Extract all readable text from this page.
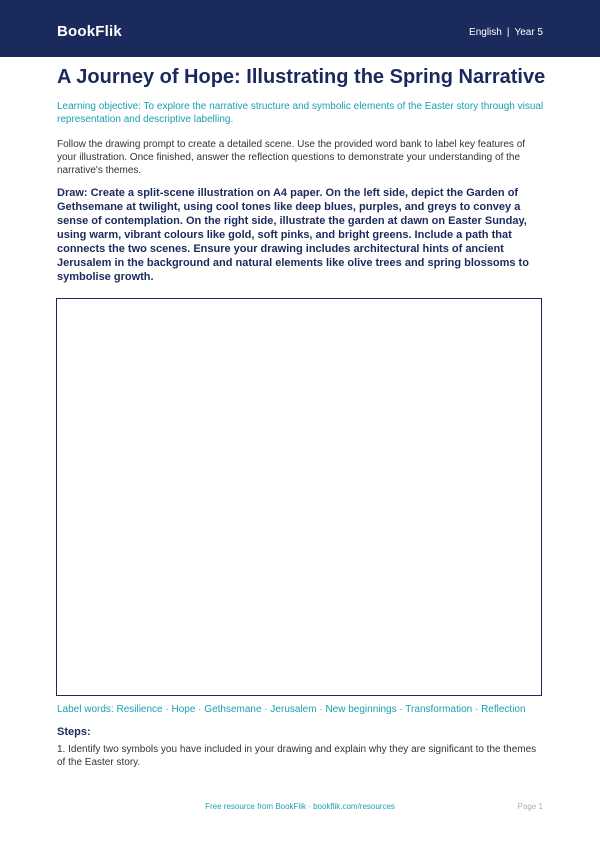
BookFlik	English | Year 5
A Journey of Hope: Illustrating the Spring Narrative
Learning objective: To explore the narrative structure and symbolic elements of the Easter story through visual representation and descriptive labelling.
Follow the drawing prompt to create a detailed scene. Use the provided word bank to label key features of your illustration. Once finished, answer the reflection questions to demonstrate your understanding of the narrative's themes.
Draw: Create a split-scene illustration on A4 paper. On the left side, depict the Garden of Gethsemane at twilight, using cool tones like deep blues, purples, and greys to convey a sense of contemplation. On the right side, illustrate the garden at dawn on Easter Sunday, using warm, vibrant colours like gold, soft pinks, and bright greens. Include a path that connects the two scenes. Ensure your drawing includes architectural hints of ancient Jerusalem in the background and natural elements like olive trees and spring blossoms to symbolise growth.
Label words: Resilience · Hope · Gethsemane · Jerusalem · New beginnings · Transformation · Reflection
Steps:
1. Identify two symbols you have included in your drawing and explain why they are significant to the themes of the Easter story.
Free resource from BookFlik · bookflik.com/resources	Page 1
